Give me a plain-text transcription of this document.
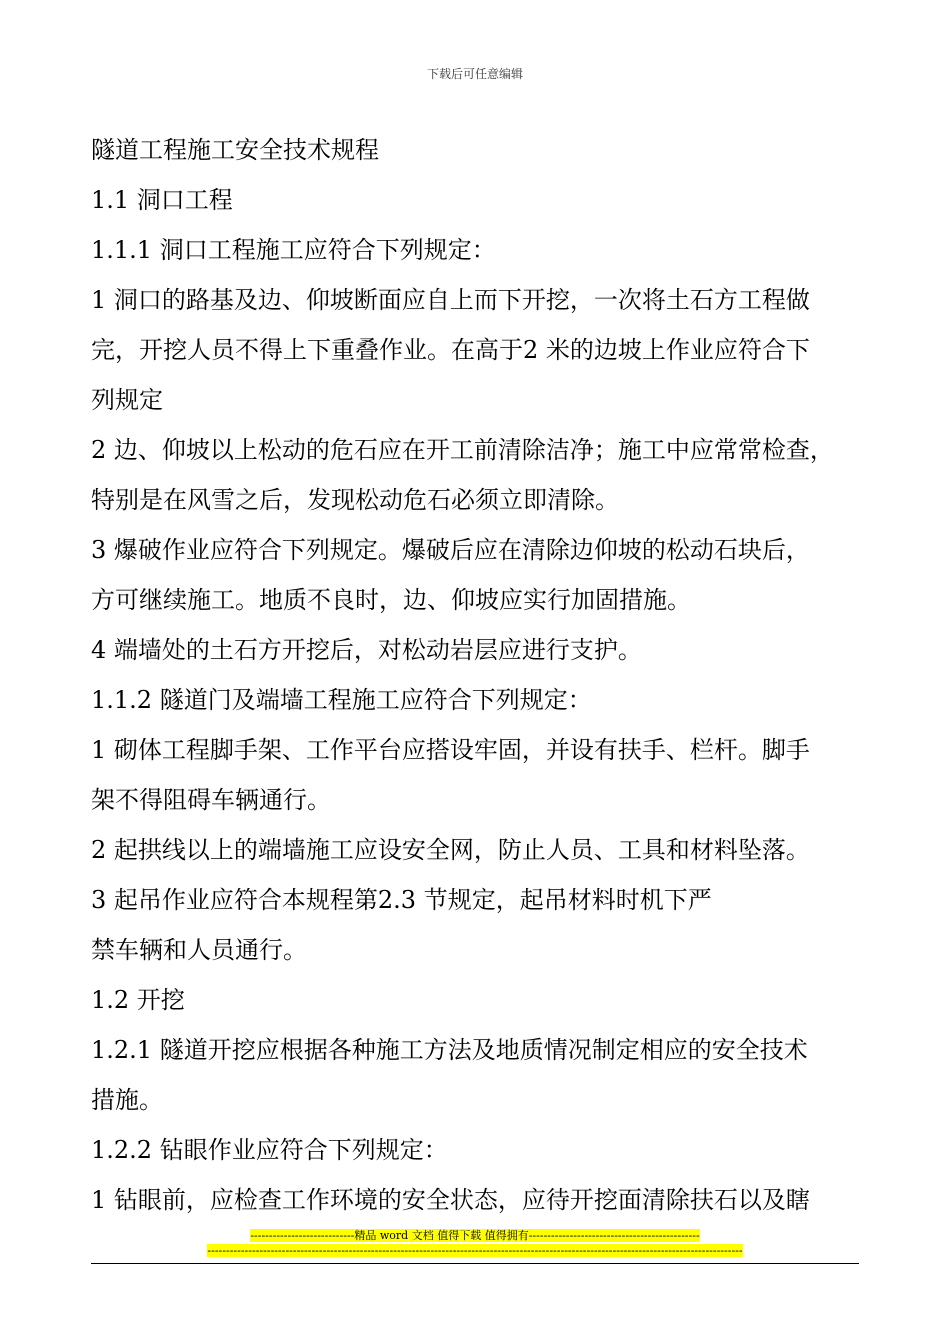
下载后可任意编辑
隧道工程施工安全技术规程
1.1 洞口工程
1.1.1 洞口工程施工应符合下列规定：
1 洞口的路基及边、仰坡断面应自上而下开挖，一次将土石方工程做
完，开挖人员不得上下重叠作业。在高于2 米的边坡上作业应符合下
列规定
2 边、仰坡以上松动的危石应在开工前清除洁净；施工中应常常检查，
特别是在风雪之后，发现松动危石必须立即清除。
3 爆破作业应符合下列规定。爆破后应在清除边仰坡的松动石块后，
方可继续施工。地质不良时，边、仰坡应实行加固措施。
4 端墙处的土石方开挖后，对松动岩层应进行支护。
1.1.2 隧道门及端墙工程施工应符合下列规定：
1 砌体工程脚手架、工作平台应搭设牢固，并设有扶手、栏杆。脚手
架不得阻碍车辆通行。
2 起拱线以上的端墙施工应设安全网，防止人员、工具和材料坠落。
3 起吊作业应符合本规程第2.3 节规定，起吊材料时机下严
禁车辆和人员通行。
1.2 开挖
1.2.1 隧道开挖应根据各种施工方法及地质情况制定相应的安全技术
措施。
1.2.2 钻眼作业应符合下列规定：
1 钻眼前，应检查工作环境的安全状态，应待开挖面清除扶石以及瞎
----------------------------精品 word 文档 值得下载 值得拥有----------------------------------------------
------------------------------------------------------------------------------------------------------------------------------------------------
